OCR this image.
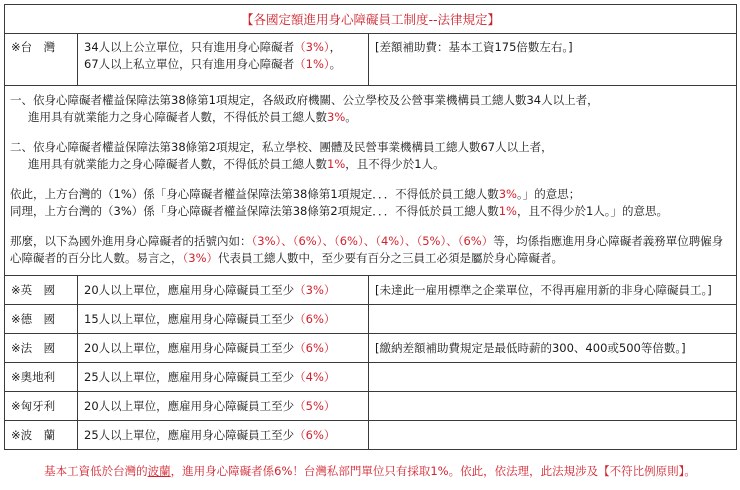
【各國定額進用身心障礙員工制度--法律規定】		
※台　灣	34人以上公立單位，只有進用身心障礙者（3%），
67人以上私立單位，只有進用身心障礙者（1%）。	[差額補助費：基本工資175倍數左右。]

一、依身心障礙者權益保障法第38條第1項規定，各級政府機關、公立學校及公營事業機構員工總人數34人以上者，
進用具有就業能力之身心障礙者人數，不得低於員工總人數3%。

二、依身心障礙者權益保障法第38條第2項規定，私立學校、團體及民營事業機構員工總人數67人以上者，
進用具有就業能力之身心障礙者人數，不得低於員工總人數1%，且不得少於1人。

依此，上方台灣的（1%）係「身心障礙者權益保障法第38條第1項規定．．．不得低於員工總人數3%。」的意思；
同理，上方台灣的（3%）係「身心障礙者權益保障法第38條第2項規定．．．不得低於員工總人數1%，且不得少於1人。」的意思。

那麼，以下為國外進用身心障礙者的括號內如：（3%）、（6%）、（6%）、（4%）、（5%）、（6%）等，均係指應進用身心障礙者義務單位聘僱身心障礙者的百分比人數。易言之，（3%）代表員工總人數中，至少要有百分之三員工必須是屬於身心障礙者。

※英　國	20人以上單位，應雇用身心障礙員工至少（3%）	[未達此一雇用標準之企業單位，不得再雇用新的非身心障礙員工。]
※德　國	15人以上單位，應雇用身心障礙員工至少（6%）	
※法　國	20人以上單位，應雇用身心障礙員工至少（6%）	[繳納差額補助費規定是最低時薪的300、400或500等倍數。]
※奧地利	25人以上單位，應雇用身心障礙員工至少（4%）	
※匈牙利	20人以上單位，應雇用身心障礙員工至少（5%）	
※波　蘭	25人以上單位，應雇用身心障礙員工至少（6%）	
基本工資低於台灣的波蘭，進用身心障礙者係6%！台灣私部門單位只有採取1%。依此，依法理，此法規涉及【不符比例原則】。
